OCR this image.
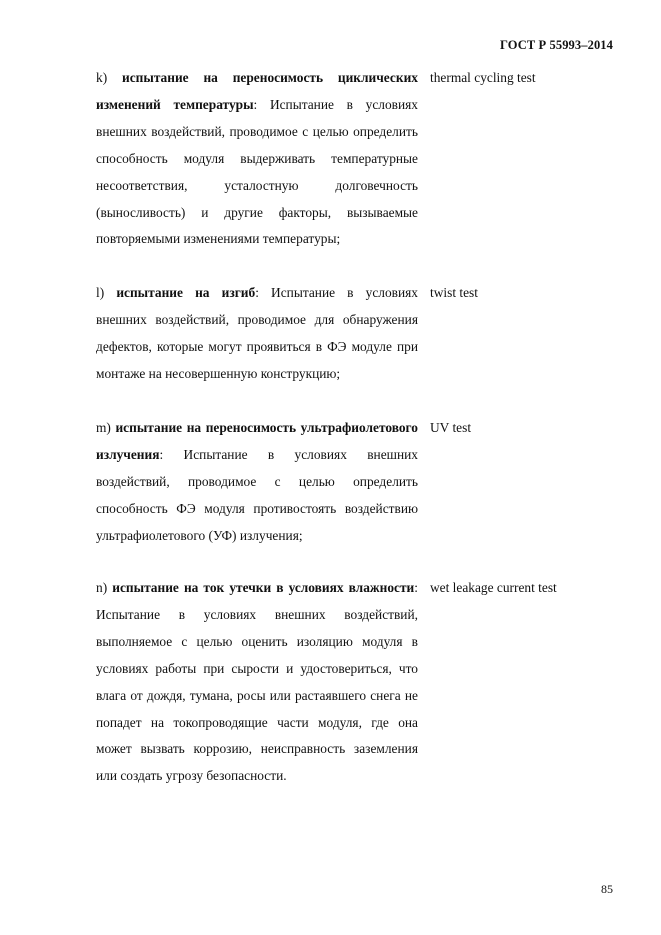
ГОСТ Р 55993–2014
k) испытание на переносимость циклических изменений температуры: Испытание в условиях внешних воздействий, проводимое с целью определить способность модуля выдерживать температурные несоответствия, усталостную долговечность (выносливость) и другие факторы, вызываемые повторяемыми изменениями температуры;
thermal cycling test
l) испытание на изгиб: Испытание в условиях внешних воздействий, проводимое для обнаружения дефектов, которые могут проявиться в ФЭ модуле при монтаже на несовершенную конструкцию;
twist test
m) испытание на переносимость ультрафиолетового излучения: Испытание в условиях внешних воздействий, проводимое с целью определить способность ФЭ модуля противостоять воздействию ультрафиолетового (УФ) излучения;
UV test
n) испытание на ток утечки в условиях влажности: Испытание в условиях внешних воздействий, выполняемое с целью оценить изоляцию модуля в условиях работы при сырости и удостовериться, что влага от дождя, тумана, росы или растаявшего снега не попадет на токопроводящие части модуля, где она может вызвать коррозию, неисправность заземления или создать угрозу безопасности.
wet leakage current test
85
